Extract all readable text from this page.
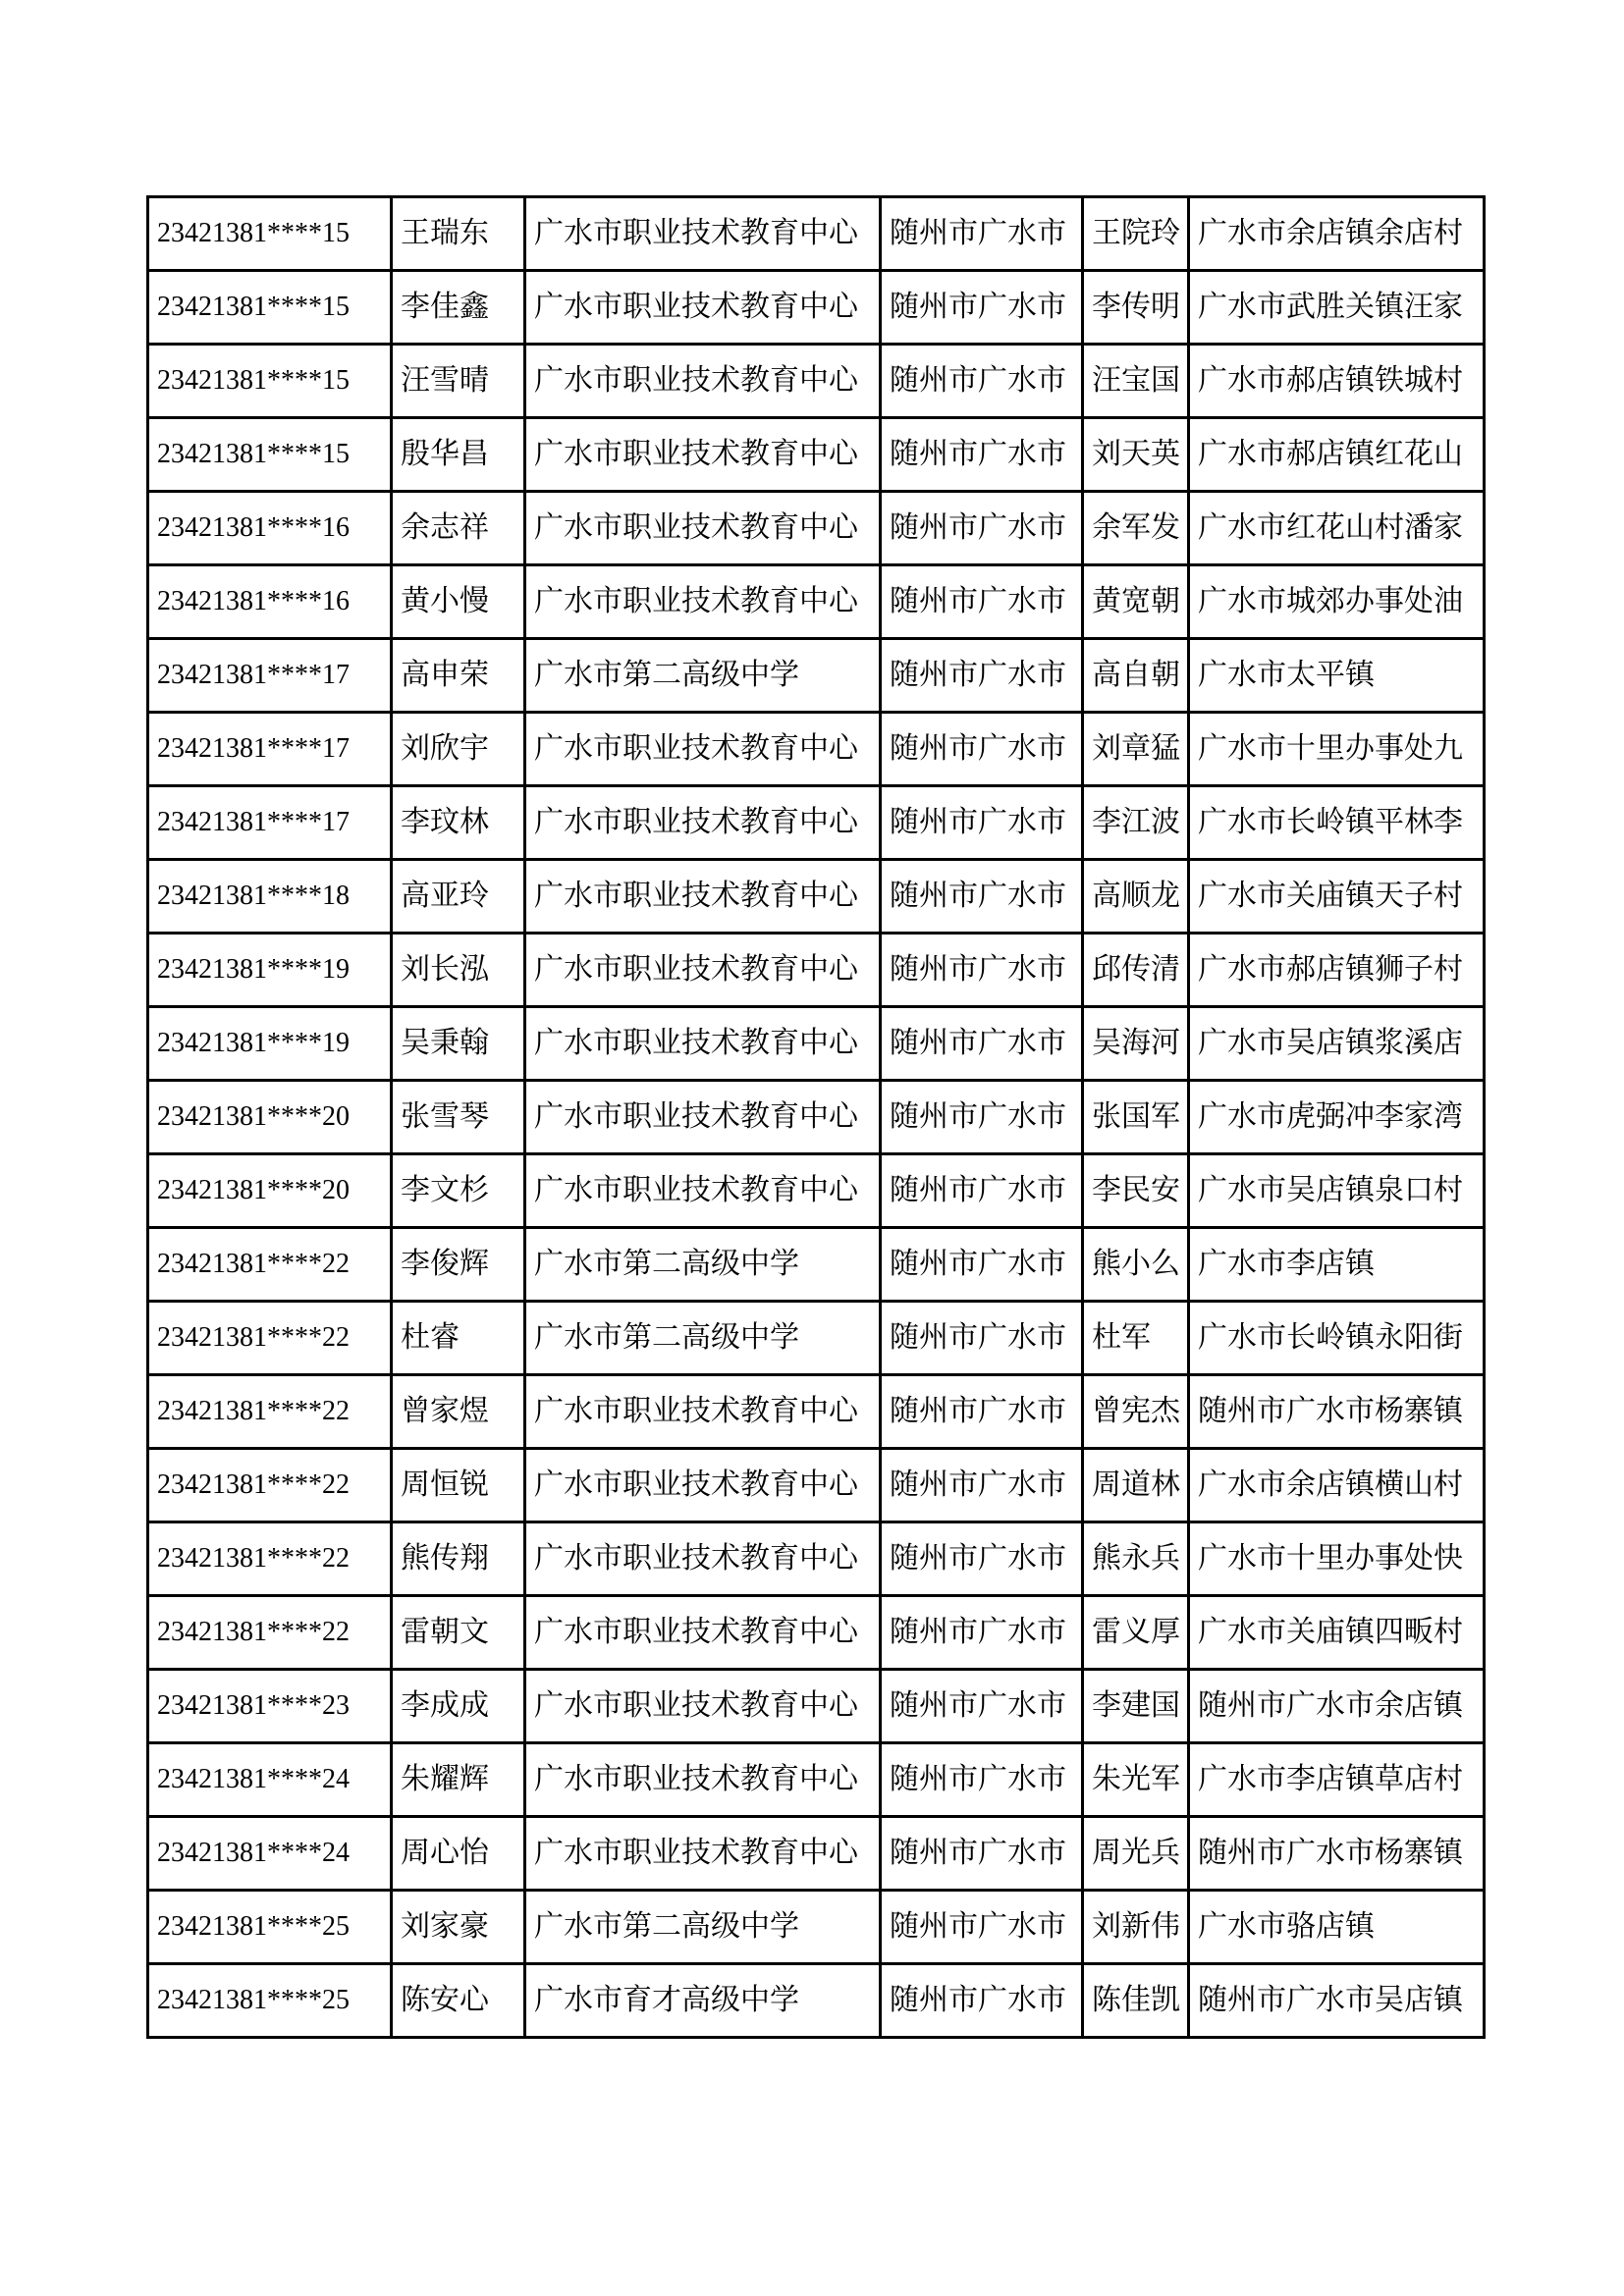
23421381****15	王瑞东	广水市职业技术教育中心	随州市广水市	王院玲	广水市余店镇余店村
23421381****15	李佳鑫	广水市职业技术教育中心	随州市广水市	李传明	广水市武胜关镇汪家
23421381****15	汪雪晴	广水市职业技术教育中心	随州市广水市	汪宝国	广水市郝店镇铁城村
23421381****15	殷华昌	广水市职业技术教育中心	随州市广水市	刘天英	广水市郝店镇红花山
23421381****16	余志祥	广水市职业技术教育中心	随州市广水市	余军发	广水市红花山村潘家
23421381****16	黄小慢	广水市职业技术教育中心	随州市广水市	黄宽朝	广水市城郊办事处油
23421381****17	高申荣	广水市第二高级中学	随州市广水市	高自朝	广水市太平镇
23421381****17	刘欣宇	广水市职业技术教育中心	随州市广水市	刘章猛	广水市十里办事处九
23421381****17	李玟林	广水市职业技术教育中心	随州市广水市	李江波	广水市长岭镇平林李
23421381****18	高亚玲	广水市职业技术教育中心	随州市广水市	高顺龙	广水市关庙镇天子村
23421381****19	刘长泓	广水市职业技术教育中心	随州市广水市	邱传清	广水市郝店镇狮子村
23421381****19	吴秉翰	广水市职业技术教育中心	随州市广水市	吴海河	广水市吴店镇浆溪店
23421381****20	张雪琴	广水市职业技术教育中心	随州市广水市	张国军	广水市虎弼冲李家湾
23421381****20	李文杉	广水市职业技术教育中心	随州市广水市	李民安	广水市吴店镇泉口村
23421381****22	李俊辉	广水市第二高级中学	随州市广水市	熊小么	广水市李店镇
23421381****22	杜睿	广水市第二高级中学	随州市广水市	杜军	广水市长岭镇永阳街
23421381****22	曾家煜	广水市职业技术教育中心	随州市广水市	曾宪杰	随州市广水市杨寨镇
23421381****22	周恒锐	广水市职业技术教育中心	随州市广水市	周道林	广水市余店镇横山村
23421381****22	熊传翔	广水市职业技术教育中心	随州市广水市	熊永兵	广水市十里办事处快
23421381****22	雷朝文	广水市职业技术教育中心	随州市广水市	雷义厚	广水市关庙镇四畈村
23421381****23	李成成	广水市职业技术教育中心	随州市广水市	李建国	随州市广水市余店镇
23421381****24	朱耀辉	广水市职业技术教育中心	随州市广水市	朱光军	广水市李店镇草店村
23421381****24	周心怡	广水市职业技术教育中心	随州市广水市	周光兵	随州市广水市杨寨镇
23421381****25	刘家豪	广水市第二高级中学	随州市广水市	刘新伟	广水市骆店镇
23421381****25	陈安心	广水市育才高级中学	随州市广水市	陈佳凯	随州市广水市吴店镇
